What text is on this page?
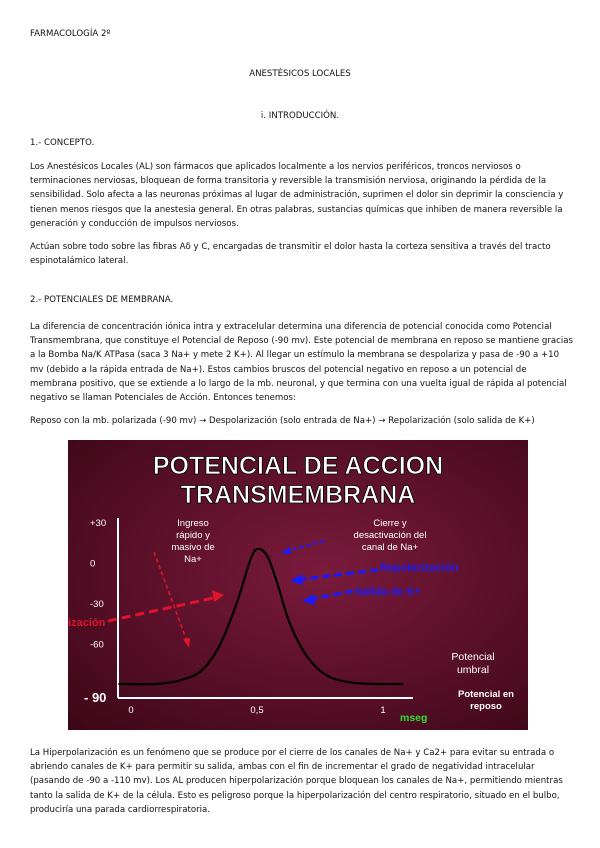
FARMACOLOGÍA 2º

ANESTÉSICOS LOCALES

i. INTRODUCCIÓN.

1.- CONCEPTO.

Los Anestésicos Locales (AL) son fármacos que aplicados localmente a los nervios periféricos, troncos nerviosos o terminaciones nerviosas, bloquean de forma transitoria y reversible la transmisión nerviosa, originando la pérdida de la sensibilidad. Solo afecta a las neuronas próximas al lugar de administración, suprimen el dolor sin deprimir la consciencia y tienen menos riesgos que la anestesia general. En otras palabras, sustancias químicas que inhiben de manera reversible la generación y conducción de impulsos nerviosos.

Actúan sobre todo sobre las fibras Aδ y C, encargadas de transmitir el dolor hasta la corteza sensitiva a través del tracto espinotalámico lateral.

2.- POTENCIALES DE MEMBRANA.

La diferencia de concentración iónica intra y extracelular determina una diferencia de potencial conocida como Potencial Transmembrana, que constituye el Potencial de Reposo (-90 mv). Este potencial de membrana en reposo se mantiene gracias a la Bomba Na/K ATPasa (saca 3 Na+ y mete 2 K+). Al llegar un estímulo la membrana se despolariza y pasa de -90 a +10 mv (debido a la rápida entrada de Na+). Estos cambios bruscos del potencial negativo en reposo a un potencial de membrana positivo, que se extiende a lo largo de la mb. neuronal, y que termina con una vuelta igual de rápida al potencial negativo se llaman Potenciales de Acción. Entonces tenemos:

Reposo con la mb. polarizada (-90 mv) → Despolarización (solo entrada de Na+) → Repolarización (solo salida de K+)

POTENCIAL DE ACCION
TRANSMEMBRANA
+30
0
-30
-60
- 90
0	0,5	1
Ingreso
rápido y
masivo de
Na+
Cierre y
desactivación del
canal de Na+
Potencial
umbral
Potencial en
reposo
Repolarización
Salida de K+
ización
mseg

La Hiperpolarización es un fenómeno que se produce por el cierre de los canales de Na+ y Ca2+ para evitar su entrada o abriendo canales de K+ para permitir su salida, ambas con el fin de incrementar el grado de negatividad intracelular (pasando de -90 a -110 mv). Los AL producen hiperpolarización porque bloquean los canales de Na+, permitiendo mientras tanto la salida de K+ de la célula. Esto es peligroso porque la hiperpolarización del centro respiratorio, situado en el bulbo, produciría una parada cardiorrespiratoria.
